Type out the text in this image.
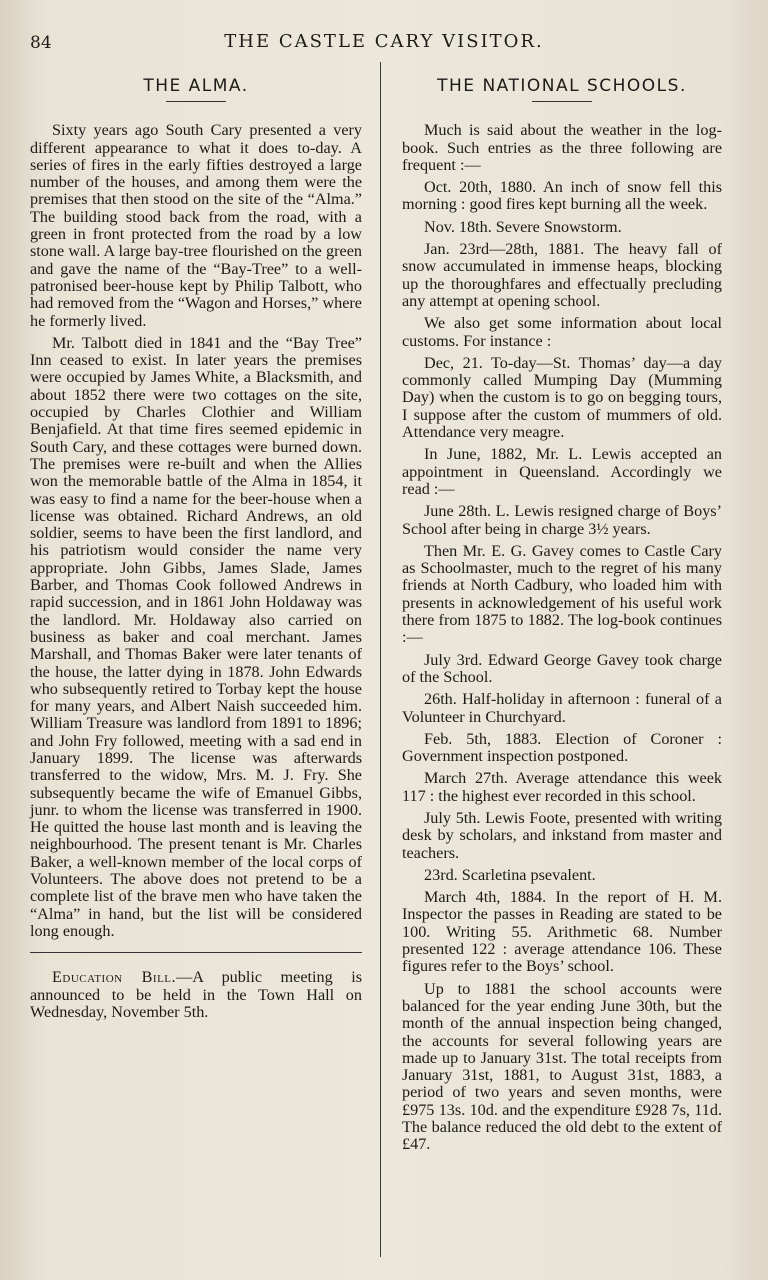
84	THE CASTLE CARY VISITOR.
THE ALMA.

Sixty years ago South Cary presented a very different appearance to what it does to-day. A series of fires in the early fifties destroyed a large number of the houses, and among them were the premises that then stood on the site of the “Alma.” The building stood back from the road, with a green in front protected from the road by a low stone wall. A large bay-tree flourished on the green and gave the name of the “Bay-Tree” to a well-patronised beer-house kept by Philip Talbott, who had removed from the “Wagon and Horses,” where he formerly lived.

Mr. Talbott died in 1841 and the “Bay Tree” Inn ceased to exist. In later years the premises were occupied by James White, a Blacksmith, and about 1852 there were two cottages on the site, occupied by Charles Clothier and William Benjafield. At that time fires seemed epidemic in South Cary, and these cottages were burned down. The premises were re-built and when the Allies won the memorable battle of the Alma in 1854, it was easy to find a name for the beer-house when a license was obtained. Richard Andrews, an old soldier, seems to have been the first landlord, and his patriotism would consider the name very appropriate. John Gibbs, James Slade, James Barber, and Thomas Cook followed Andrews in rapid succession, and in 1861 John Holdaway was the landlord. Mr. Holdaway also carried on business as baker and coal merchant. James Marshall, and Thomas Baker were later tenants of the house, the latter dying in 1878. John Edwards who subsequently retired to Torbay kept the house for many years, and Albert Naish succeeded him. William Treasure was landlord from 1891 to 1896; and John Fry followed, meeting with a sad end in January 1899. The license was afterwards transferred to the widow, Mrs. M. J. Fry. She subsequently became the wife of Emanuel Gibbs, junr. to whom the license was transferred in 1900. He quitted the house last month and is leaving the neighbourhood. The present tenant is Mr. Charles Baker, a well-known member of the local corps of Volunteers. The above does not pretend to be a complete list of the brave men who have taken the “Alma” in hand, but the list will be considered long enough.

Education Bill.—A public meeting is announced to be held in the Town Hall on Wednesday, November 5th.

THE NATIONAL SCHOOLS.

Much is said about the weather in the log-book. Such entries as the three following are frequent :—

Oct. 20th, 1880. An inch of snow fell this morning : good fires kept burning all the week.

Nov. 18th. Severe Snowstorm.

Jan. 23rd—28th, 1881. The heavy fall of snow accumulated in immense heaps, blocking up the thoroughfares and effectually precluding any attempt at opening school.

We also get some information about local customs. For instance :

Dec, 21. To-day—St. Thomas’ day—a day commonly called Mumping Day (Mumming Day) when the custom is to go on begging tours, I suppose after the custom of mummers of old. Attendance very meagre.

In June, 1882, Mr. L. Lewis accepted an appointment in Queensland. Accordingly we read :—

June 28th. L. Lewis resigned charge of Boys’ School after being in charge 3½ years.

Then Mr. E. G. Gavey comes to Castle Cary as Schoolmaster, much to the regret of his many friends at North Cadbury, who loaded him with presents in acknowledgement of his useful work there from 1875 to 1882. The log-book continues :—

July 3rd. Edward George Gavey took charge of the School.

26th. Half-holiday in afternoon : funeral of a Volunteer in Churchyard.

Feb. 5th, 1883. Election of Coroner : Government inspection postponed.

March 27th. Average attendance this week 117 : the highest ever recorded in this school.

July 5th. Lewis Foote, presented with writing desk by scholars, and inkstand from master and teachers.

23rd. Scarletina psevalent.

March 4th, 1884. In the report of H. M. Inspector the passes in Reading are stated to be 100. Writing 55. Arithmetic 68. Number presented 122 : average attendance 106. These figures refer to the Boys’ school.

Up to 1881 the school accounts were balanced for the year ending June 30th, but the month of the annual inspection being changed, the accounts for several following years are made up to January 31st. The total receipts from January 31st, 1881, to August 31st, 1883, a period of two years and seven months, were £975 13s. 10d. and the expenditure £928 7s, 11d. The balance reduced the old debt to the extent of £47.
